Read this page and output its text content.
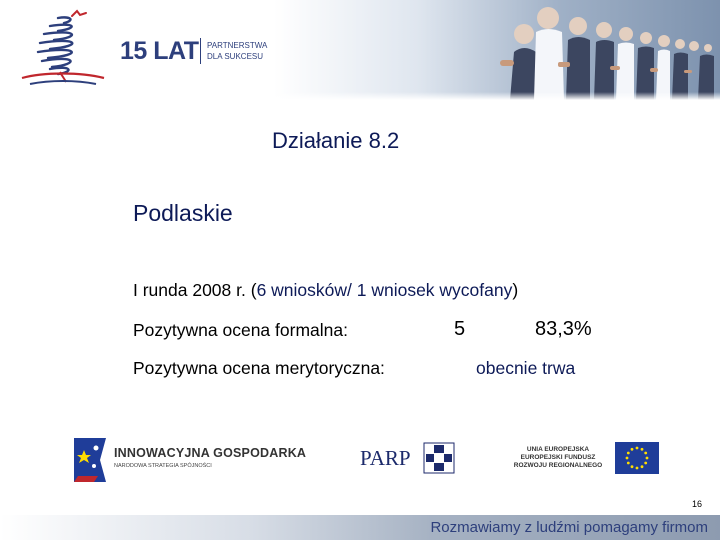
15 LAT PARTNERSTWA
DLA SUKCESU
Działanie 8.2
Podlaskie
I runda 2008 r. (6 wniosków/ 1 wniosek wycofany)
Pozytywna ocena formalna:	5	83,3%
Pozytywna ocena merytoryczna:	obecnie trwa
INNOWACYJNA GOSPODARKA
NARODOWA STRATEGIA SPÓJNOŚCI	PARP	UNIA EUROPEJSKA
EUROPEJSKI FUNDUSZ
ROZWOJU REGIONALNEGO
16
Rozmawiamy z ludźmi pomagamy firmom
